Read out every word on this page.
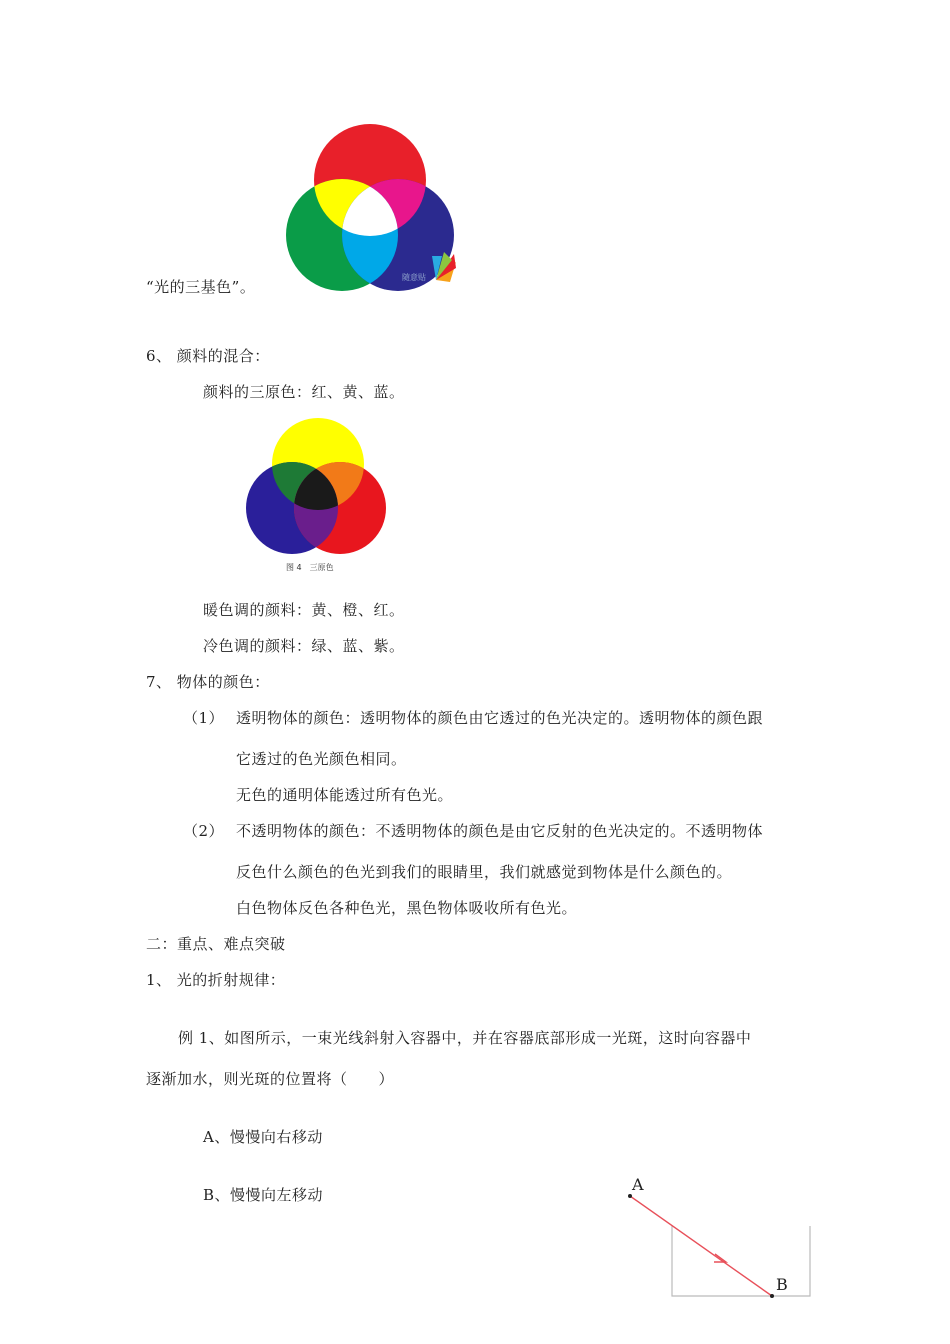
随意贴
“光的三基色”。
6、 颜料的混合：
颜料的三原色：红、黄、蓝。
图 4　三原色
暖色调的颜料：黄、橙、红。
冷色调的颜料：绿、蓝、紫。
7、 物体的颜色：
（1） 透明物体的颜色：透明物体的颜色由它透过的色光决定的。透明物体的颜色跟
它透过的色光颜色相同。
无色的通明体能透过所有色光。
（2） 不透明物体的颜色：不透明物体的颜色是由它反射的色光决定的。不透明物体
反色什么颜色的色光到我们的眼睛里，我们就感觉到物体是什么颜色的。
白色物体反色各种色光，黑色物体吸收所有色光。
二：重点、难点突破
1、 光的折射规律：
例 1、如图所示，一束光线斜射入容器中，并在容器底部形成一光斑，这时向容器中
逐渐加水，则光斑的位置将（　　）
A、慢慢向右移动
B、慢慢向左移动
A
B
